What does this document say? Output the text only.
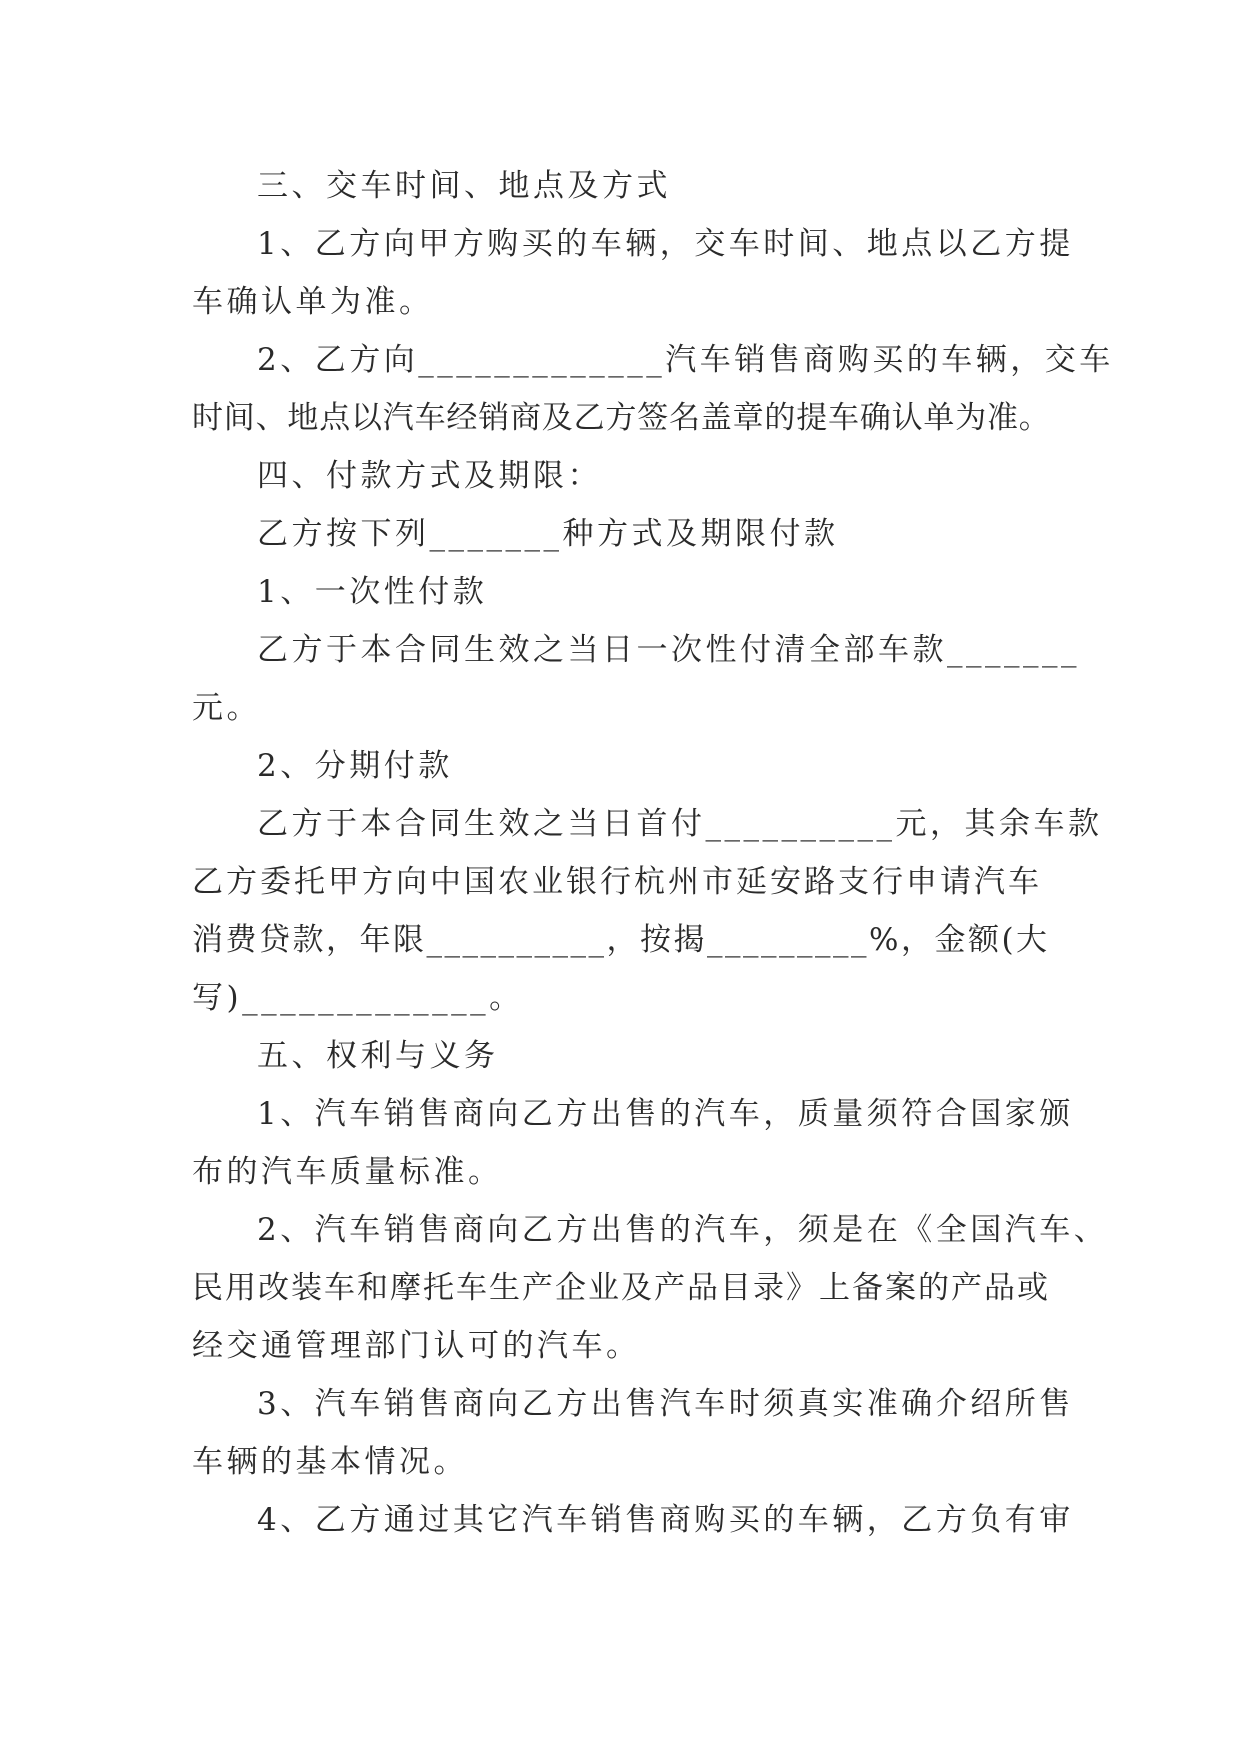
三、交车时间、地点及方式
1、乙方向甲方购买的车辆，交车时间、地点以乙方提
车确认单为准。
2、乙方向_____________汽车销售商购买的车辆，交车
时间、地点以汽车经销商及乙方签名盖章的提车确认单为准。
四、付款方式及期限：
乙方按下列_______种方式及期限付款
1、一次性付款
乙方于本合同生效之当日一次性付清全部车款_______
元。
2、分期付款
乙方于本合同生效之当日首付__________元，其余车款
乙方委托甲方向中国农业银行杭州市延安路支行申请汽车
消费贷款，年限__________，按揭_________%，金额(大
写)_____________。
五、权利与义务
1、汽车销售商向乙方出售的汽车，质量须符合国家颁
布的汽车质量标准。
2、汽车销售商向乙方出售的汽车，须是在《全国汽车、
民用改装车和摩托车生产企业及产品目录》上备案的产品或
经交通管理部门认可的汽车。
3、汽车销售商向乙方出售汽车时须真实准确介绍所售
车辆的基本情况。
4、乙方通过其它汽车销售商购买的车辆，乙方负有审
